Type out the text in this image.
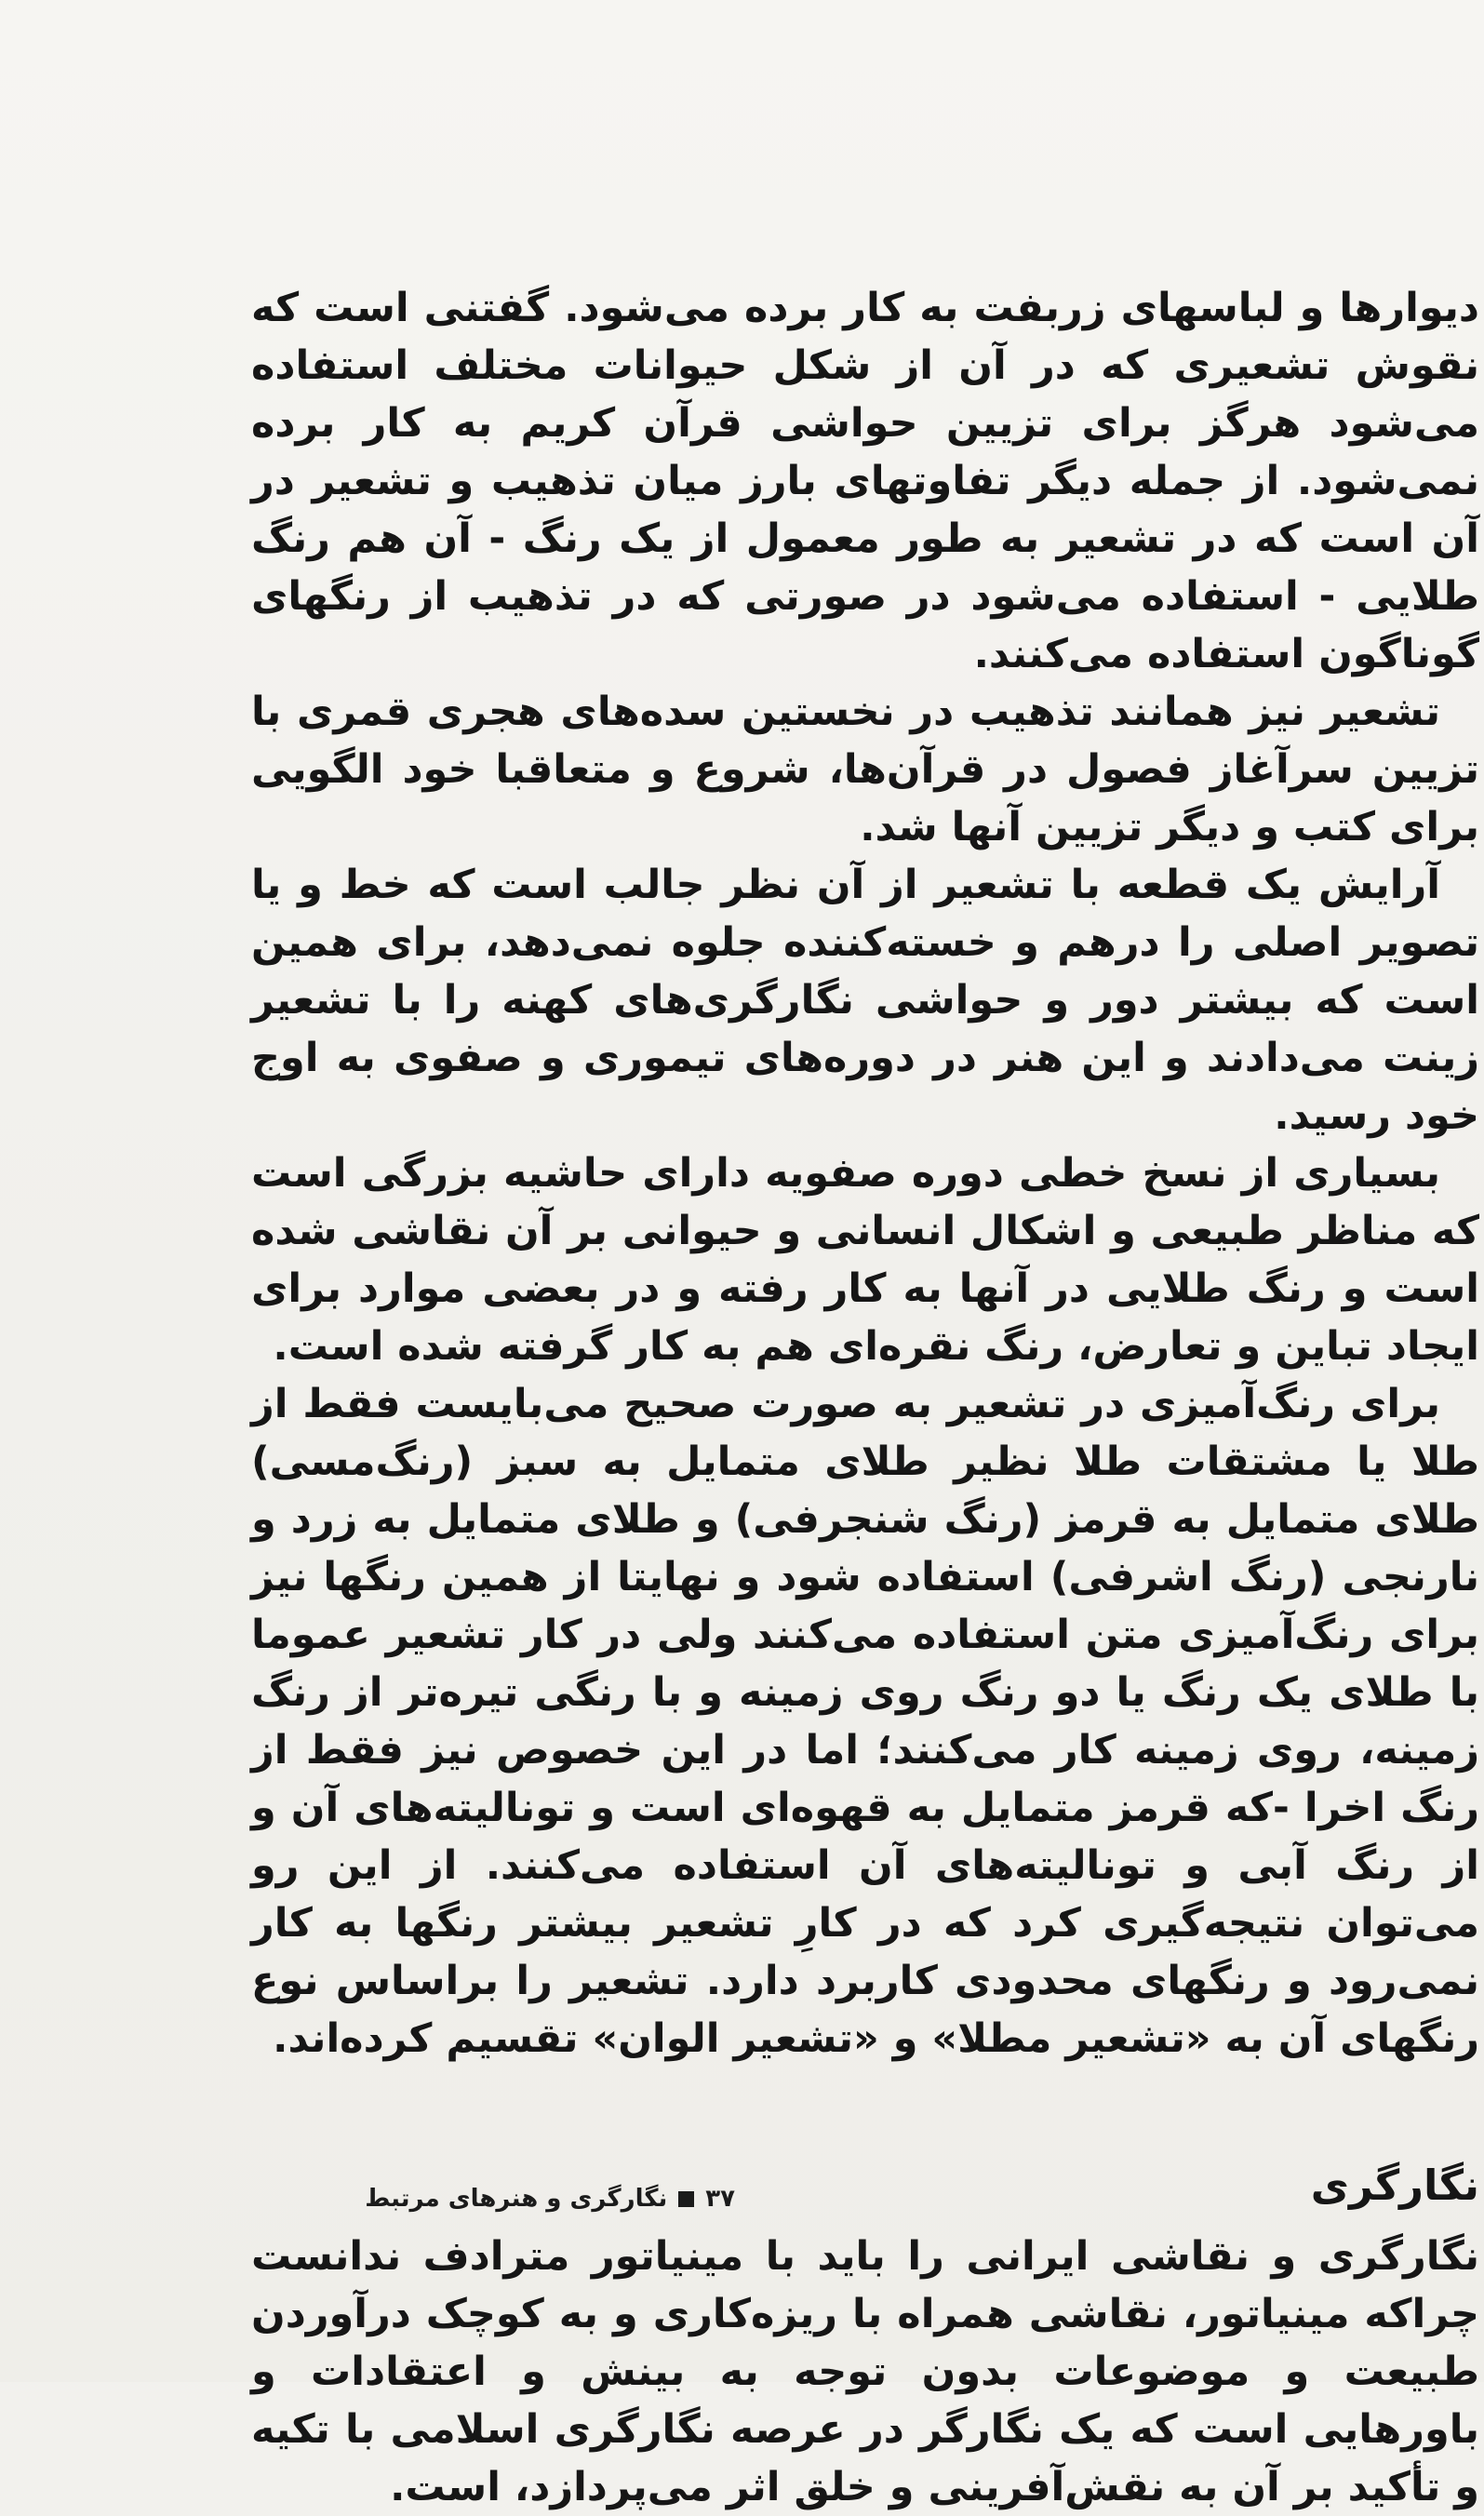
دیوارها و لباسهای زربفت به کار برده می‌شود. گفتنی است که نقوش تشعیری که در آن از شکل حیوانات مختلف استفاده می‌شود هرگز برای تزیین حواشی قرآن کریم به کار برده نمی‌شود. از جمله دیگر تفاوتهای بارز میان تذهیب و تشعیر در آن است که در تشعیر به طور معمول از یک رنگ - آن هم رنگ طلایی - استفاده می‌شود در صورتی که در تذهیب از رنگهای گوناگون استفاده می‌کنند.

تشعیر نیز همانند تذهیب در نخستین سده‌های هجری قمری با تزیین سرآغاز فصول در قرآن‌ها، شروع و متعاقبا خود الگویی برای کتب و دیگر تزیین آنها شد.

آرایش یک قطعه با تشعیر از آن نظر جالب است که خط و یا تصویر اصلی را درهم و خسته‌کننده جلوه نمی‌دهد، برای همین است که بیشتر دور و حواشی نگارگری‌های کهنه را با تشعیر زینت می‌دادند و این هنر در دوره‌های تیموری و صفوی به اوج خود رسید.

بسیاری از نسخ خطی دوره صفویه دارای حاشیه بزرگی است که مناظر طبیعی و اشکال انسانی و حیوانی بر آن نقاشی شده است و رنگ طلایی در آنها به کار رفته و در بعضی موارد برای ایجاد تباین و تعارض، رنگ نقره‌ای هم به کار گرفته شده است.

برای رنگ‌آمیزی در تشعیر به صورت صحیح می‌بایست فقط از طلا یا مشتقات طلا نظیر طلای متمایل به سبز (رنگ‌مسی) طلای متمایل به قرمز (رنگ شنجرفی) و طلای متمایل به زرد و نارنجی (رنگ اشرفی) استفاده شود و نهایتا از همین رنگها نیز برای رنگ‌آمیزی متن استفاده می‌کنند ولی در کار تشعیر عموما با طلای یک رنگ یا دو رنگ روی زمینه و با رنگی تیره‌تر از رنگ زمینه، روی زمینه کار می‌کنند؛ اما در این خصوص نیز فقط از رنگ اخرا -که قرمز متمایل به قهوه‌ای است و تونالیته‌های آن و از رنگ آبی و تونالیته‌های آن استفاده می‌کنند. از این رو می‌توان نتیجه‌گیری کرد که در کارِ تشعیر بیشتر رنگها به کار نمی‌رود و رنگهای محدودی کاربرد دارد. تشعیر را براساس نوع رنگهای آن به «تشعیر مطلا» و «تشعیر الوان» تقسیم کرده‌اند.

نگارگری

نگارگری و نقاشی ایرانی را باید با مینیاتور مترادف ندانست چراکه مینیاتور، نقاشی همراه با ریزه‌کاری و به کوچک درآوردن طبیعت و موضوعات بدون توجه به بینش و اعتقادات و باورهایی است که یک نگارگر در عرصه نگارگری اسلامی با تکیه و تأکید بر آن به نقش‌آفرینی و خلق اثر می‌پردازد، است.

۳۷
نگارگری و هنرهای مرتبط
